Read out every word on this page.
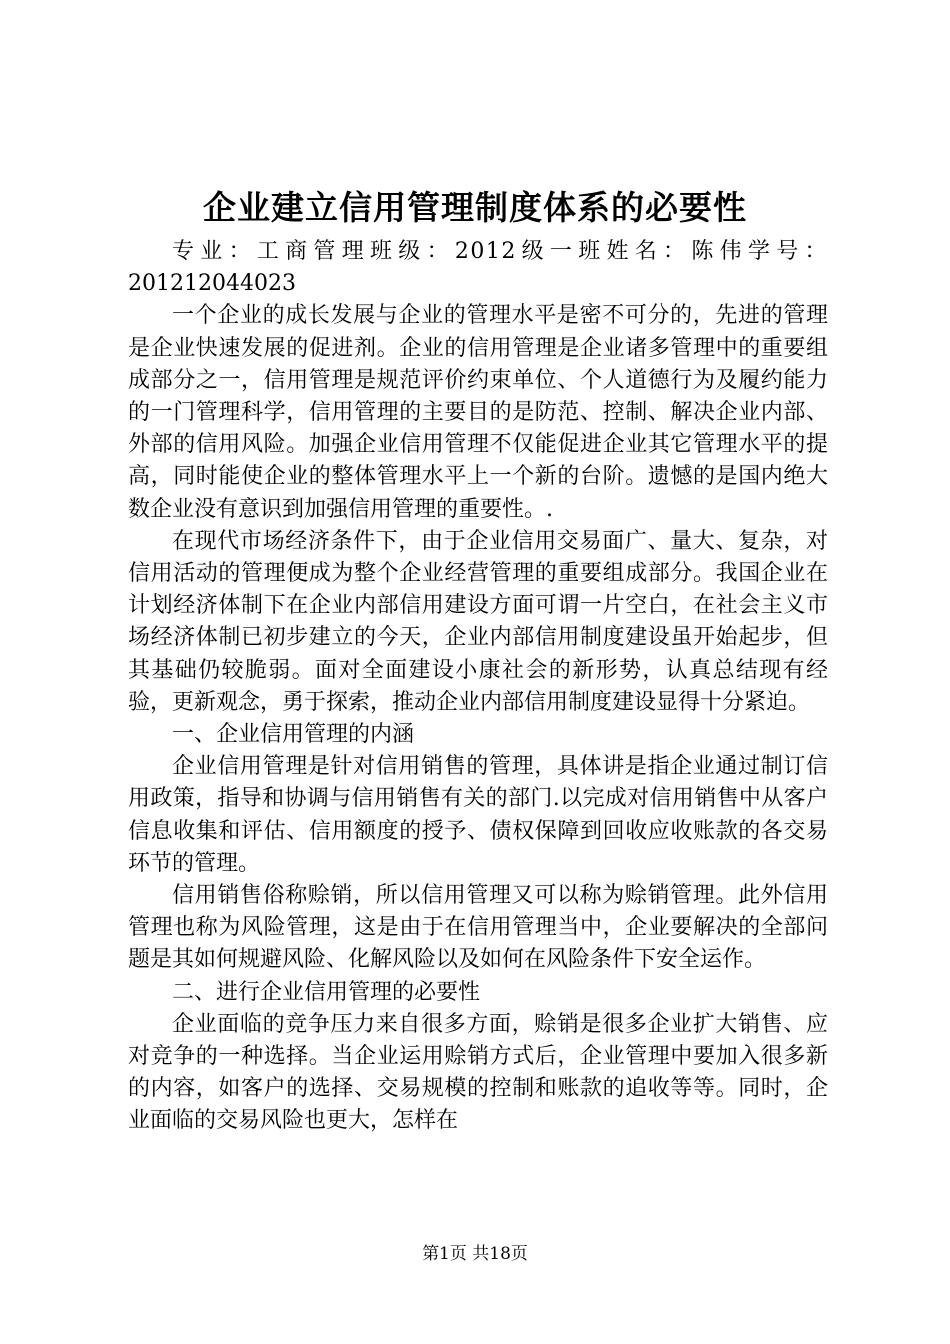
企业建立信用管理制度体系的必要性

专业：工商管理班级：2012级一班姓名：陈伟学号：201212044023

一个企业的成长发展与企业的管理水平是密不可分的，先进的管理是企业快速发展的促进剂。企业的信用管理是企业诸多管理中的重要组成部分之一，信用管理是规范评价约束单位、个人道德行为及履约能力的一门管理科学，信用管理的主要目的是防范、控制、解决企业内部、外部的信用风险。加强企业信用管理不仅能促进企业其它管理水平的提高，同时能使企业的整体管理水平上一个新的台阶。遗憾的是国内绝大数企业没有意识到加强信用管理的重要性。.

在现代市场经济条件下，由于企业信用交易面广、量大、复杂，对信用活动的管理便成为整个企业经营管理的重要组成部分。我国企业在计划经济体制下在企业内部信用建设方面可谓一片空白，在社会主义市场经济体制已初步建立的今天，企业内部信用制度建设虽开始起步，但其基础仍较脆弱。面对全面建设小康社会的新形势，认真总结现有经验，更新观念，勇于探索，推动企业内部信用制度建设显得十分紧迫。

一、企业信用管理的内涵

企业信用管理是针对信用销售的管理，具体讲是指企业通过制订信用政策，指导和协调与信用销售有关的部门.以完成对信用销售中从客户信息收集和评估、信用额度的授予、债权保障到回收应收账款的各交易环节的管理。

信用销售俗称赊销，所以信用管理又可以称为赊销管理。此外信用管理也称为风险管理，这是由于在信用管理当中，企业要解决的全部问题是其如何规避风险、化解风险以及如何在风险条件下安全运作。

二、进行企业信用管理的必要性

企业面临的竞争压力来自很多方面，赊销是很多企业扩大销售、应对竞争的一种选择。当企业运用赊销方式后，企业管理中要加入很多新的内容，如客户的选择、交易规模的控制和账款的追收等等。同时，企业面临的交易风险也更大，怎样在

第1页 共18页
